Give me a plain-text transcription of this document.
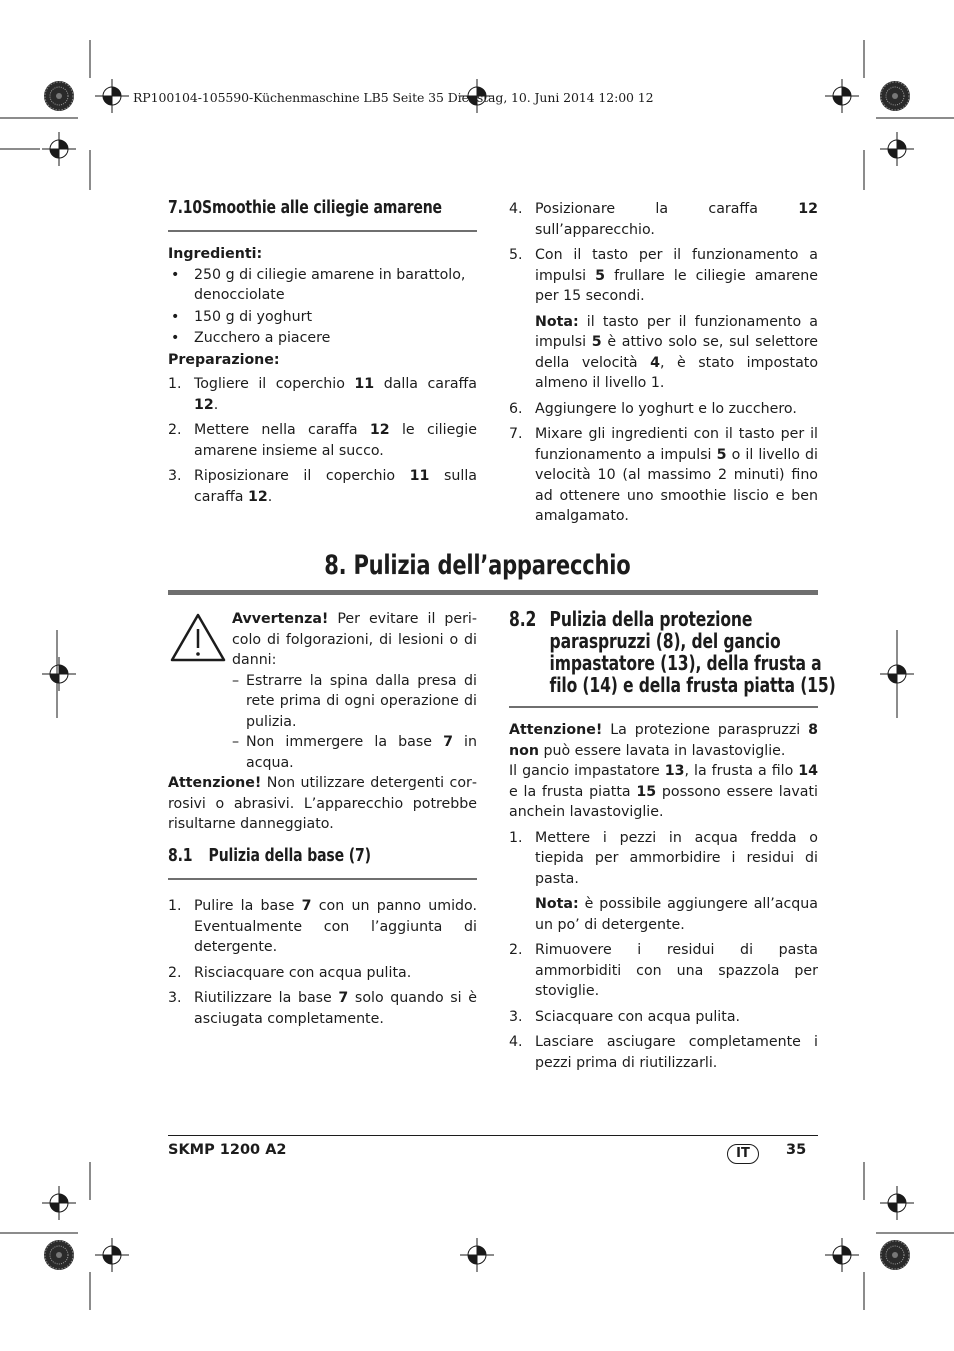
RP100104-105590-Küchenmaschine LB5 Seite 35 Dienstag, 10. Juni 2014 12:00 12
7.10Smoothie alle ciliegie amarene
Ingredienti:
• 250 g di ciliegie amarene in barattolo, denocciolate
• 150 g di yoghurt
• Zucchero a piacere
Preparazione:
1. Togliere il coperchio 11 dalla caraffa 12.
2. Mettere nella caraffa 12 le ciliegie amarene insieme al succo.
3. Riposizionare il coperchio 11 sulla caraffa 12.
4. Posizionare la caraffa 12 sull’apparecchio.
5. Con il tasto per il funzionamento a impulsi 5 frullare le ciliegie amarene per 15 secondi.

Nota: il tasto per il funzionamento a impulsi 5 è attivo solo se, sul selettore della velocità 4, è stato impostato almeno il livello 1.

6. Aggiungere lo yoghurt e lo zucchero.
7. Mixare gli ingredienti con il tasto per il funzionamento a impulsi 5 o il livello di velocità 10 (al massimo 2 minuti) fino ad ottenere uno smoothie liscio e ben amalgamato.
8. Pulizia dell’apparecchio

Avvertenza! Per evitare il pericolo di folgorazioni, di lesioni o di danni:

– Estrarre la spina dalla presa di rete prima di ogni operazione di pulizia.
– Non immergere la base 7 in acqua.

Attenzione! Non utilizzare detergenti corrosivi o abrasivi. L’apparecchio potrebbe risultarne danneggiato.

8.1 Pulizia della base (7)
1. Pulire la base 7 con un panno umido. Eventualmente con l’aggiunta di detergente.
2. Risciacquare con acqua pulita.
3. Riutilizzare la base 7 solo quando si è asciugata completamente.
8.2 Pulizia della protezione
paraspruzzi (8), del gancio
impastatore (13), della frusta a
filo (14) e della frusta piatta (15)

Attenzione! La protezione paraspruzzi 8 non può essere lavata in lavastoviglie.

Il gancio impastatore 13, la frusta a filo 14 e la frusta piatta 15 possono essere lavati anchein lavastoviglie.

1. Mettere i pezzi in acqua fredda o tiepida per ammorbidire i residui di pasta.

Nota: è possibile aggiungere all’acqua un po’ di detergente.

2. Rimuovere i residui di pasta ammorbiditi con una spazzola per stoviglie.
3. Sciacquare con acqua pulita.
4. Lasciare asciugare completamente i pezzi prima di riutilizzarli.
SKMP 1200 A2	IT	35
